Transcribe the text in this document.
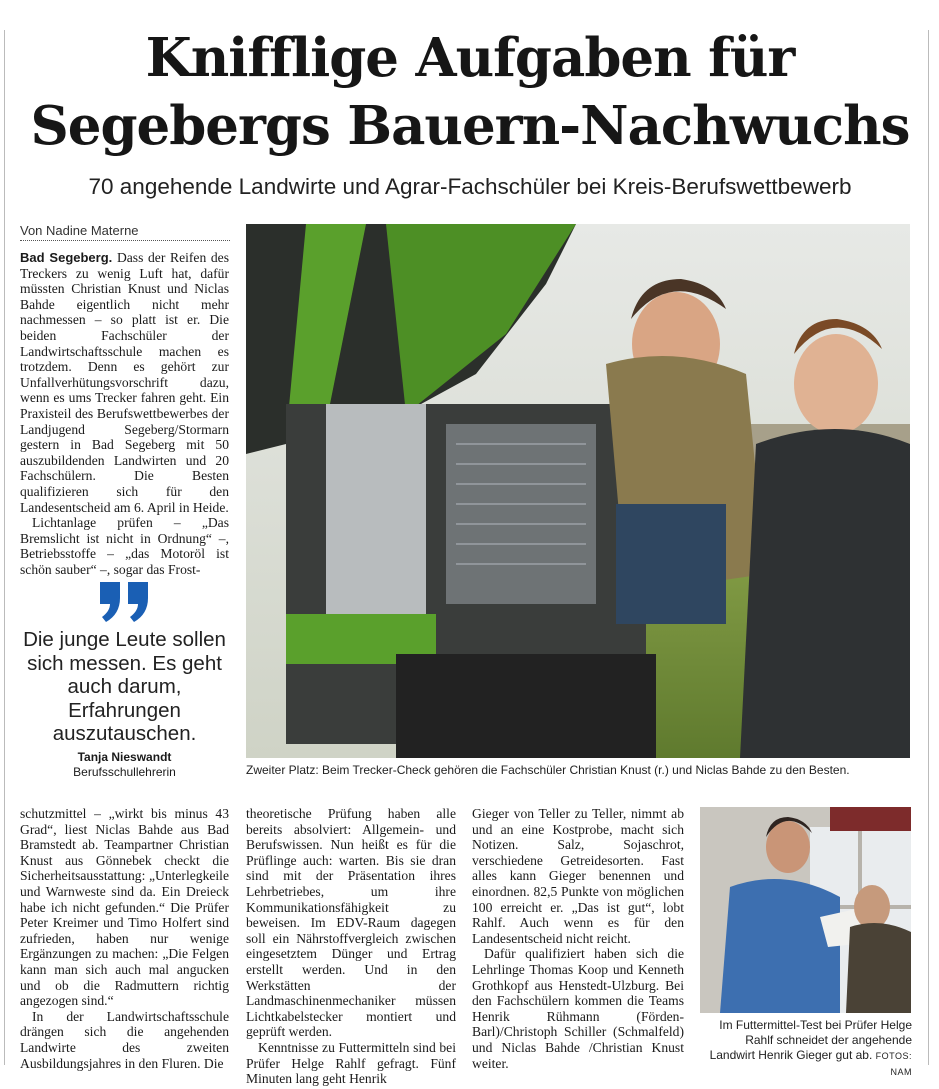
Knifflige Aufgaben für
Segebergs Bauern-Nachwuchs
70 angehende Landwirte und Agrar-Fachschüler bei Kreis-Berufswettbewerb
Von Nadine Materne

Bad Segeberg. Dass der Reifen des Treckers zu wenig Luft hat, dafür müssten Christian Knust und Niclas Bahde eigentlich nicht mehr nachmessen – so platt ist er. Die beiden Fachschüler der Landwirtschaftsschule machen es trotzdem. Denn es gehört zur Unfallverhütungsvorschrift dazu, wenn es ums Trecker fahren geht. Ein Praxisteil des Berufswettbewerbes der Landjugend Segeberg/Stormarn gestern in Bad Segeberg mit 50 auszubildenden Landwirten und 20 Fachschülern. Die Besten qualifizieren sich für den Landesentscheid am 6. April in Heide.

Lichtanlage prüfen – „Das Bremslicht ist nicht in Ordnung“ –, Betriebsstoffe – „das Motoröl ist schön sauber“ –, sogar das Frost-

Die junge Leute sollen sich messen. Es geht auch darum, Erfahrungen auszutauschen.
Tanja Nieswandt
Berufsschullehrerin	Zweiter Platz: Beim Trecker-Check gehören die Fachschüler Christian Knust (r.) und Niclas Bahde zu den Besten.

schutzmittel – „wirkt bis minus 43 Grad“, liest Niclas Bahde aus Bad Bramstedt ab. Teampartner Christian Knust aus Gönnebek checkt die Sicherheitsausstattung: „Unterlegkeile und Warnweste sind da. Ein Dreieck habe ich nicht gefunden.“ Die Prüfer Peter Kreimer und Timo Holfert sind zufrieden, haben nur wenige Ergänzungen zu machen: „Die Felgen kann man sich auch mal angucken und ob die Radmuttern richtig angezogen sind.“

In der Landwirtschaftsschule drängen sich die angehenden Landwirte des zweiten Ausbildungsjahres in den Fluren. Die

theoretische Prüfung haben alle bereits absolviert: Allgemein- und Berufswissen. Nun heißt es für die Prüflinge auch: warten. Bis sie dran sind mit der Präsentation ihres Lehrbetriebes, um ihre Kommunikationsfähigkeit zu beweisen. Im EDV-Raum dagegen soll ein Nährstoffvergleich zwischen eingesetztem Dünger und Ertrag erstellt werden. Und in den Werkstätten der Landmaschinenmechaniker müssen Lichtkabelstecker montiert und geprüft werden.

Kenntnisse zu Futtermitteln sind bei Prüfer Helge Rahlf gefragt. Fünf Minuten lang geht Henrik

Gieger von Teller zu Teller, nimmt ab und an eine Kostprobe, macht sich Notizen. Salz, Sojaschrot, verschiedene Getreidesorten. Fast alles kann Gieger benennen und einordnen. 82,5 Punkte von möglichen 100 erreicht er. „Das ist gut“, lobt Rahlf. Auch wenn es für den Landesentscheid nicht reicht.

Dafür qualifiziert haben sich die Lehrlinge Thomas Koop und Kenneth Grothkopf aus Henstedt-Ulzburg. Bei den Fachschülern kommen die Teams Henrik Rühmann (Förden-Barl)/Christoph Schiller (Schmalfeld) und Niclas Bahde /Christian Knust weiter.

Im Futtermittel-Test bei Prüfer Helge Rahlf schneidet der angehende Landwirt Henrik Gieger gut ab. FOTOS: NAM
